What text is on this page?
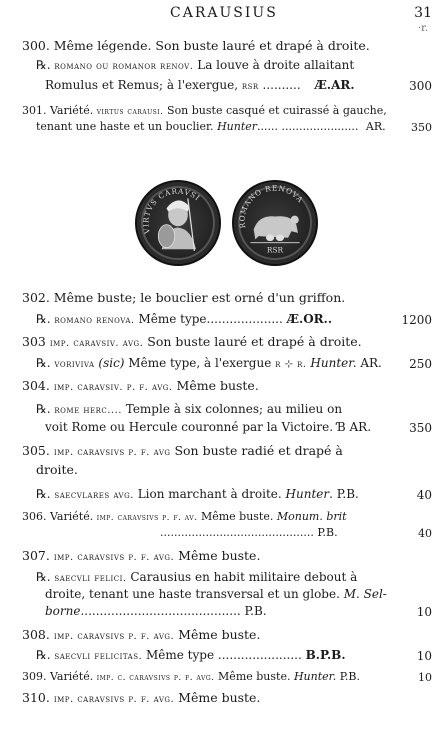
CARAUSIUS	31
·r.
300. Même légende. Son buste lauré et drapé à droite.
℞. romano ou romanor renov. La louve à droite allaitant
Romulus et Remus; à l'exergue, rsr .......... Æ.AR.	300
301. Variété. virtus carausi. Son buste casqué et cuirassé à gauche,
tenant une haste et un bouclier. Hunter...... ...................... AR. 350
VIRTVS CARAVSI
ROMANO RENOVA
RSR
302. Même buste; le bouclier est orné d'un griffon.
℞. romano renova. Même type.................... Æ.OR..	1200
303 imp. caravsiv. avg. Son buste lauré et drapé à droite.
℞. voriviva (sic) Même type, à l'exergue r ⊹ r. Hunter. AR. 250
304. imp. caravsiv. p. f. avg. Même buste.
℞. rome herc.... Temple à six colonnes; au milieu on
voit Rome ou Hercule couronné par la Victoire. Ɓ AR.	350
305. imp. caravsivs p. f. avg Son buste radié et drapé à
droite.
℞. saecvlares avg. Lion marchant à droite. Hunter. P.B.	40
306. Variété. imp. caravsivs p. f. av. Même buste. Monum. brit
............................................ P.B.	40
307. imp. caravsivs p. f. avg. Même buste.
℞. saecvli felici. Carausius en habit militaire debout à
droite, tenant une haste transversal et un globe. M. Sel-
borne.......................................... P.B.	10
308. imp. caravsivs p. f. avg. Même buste.
℞. saecvli felicitas. Même type ...................... B.P.B.	10
309. Variété. imp. c. caravsivs p. f. avg. Même buste. Hunter. P.B.	10
310. imp. caravsivs p. f. avg. Même buste.
